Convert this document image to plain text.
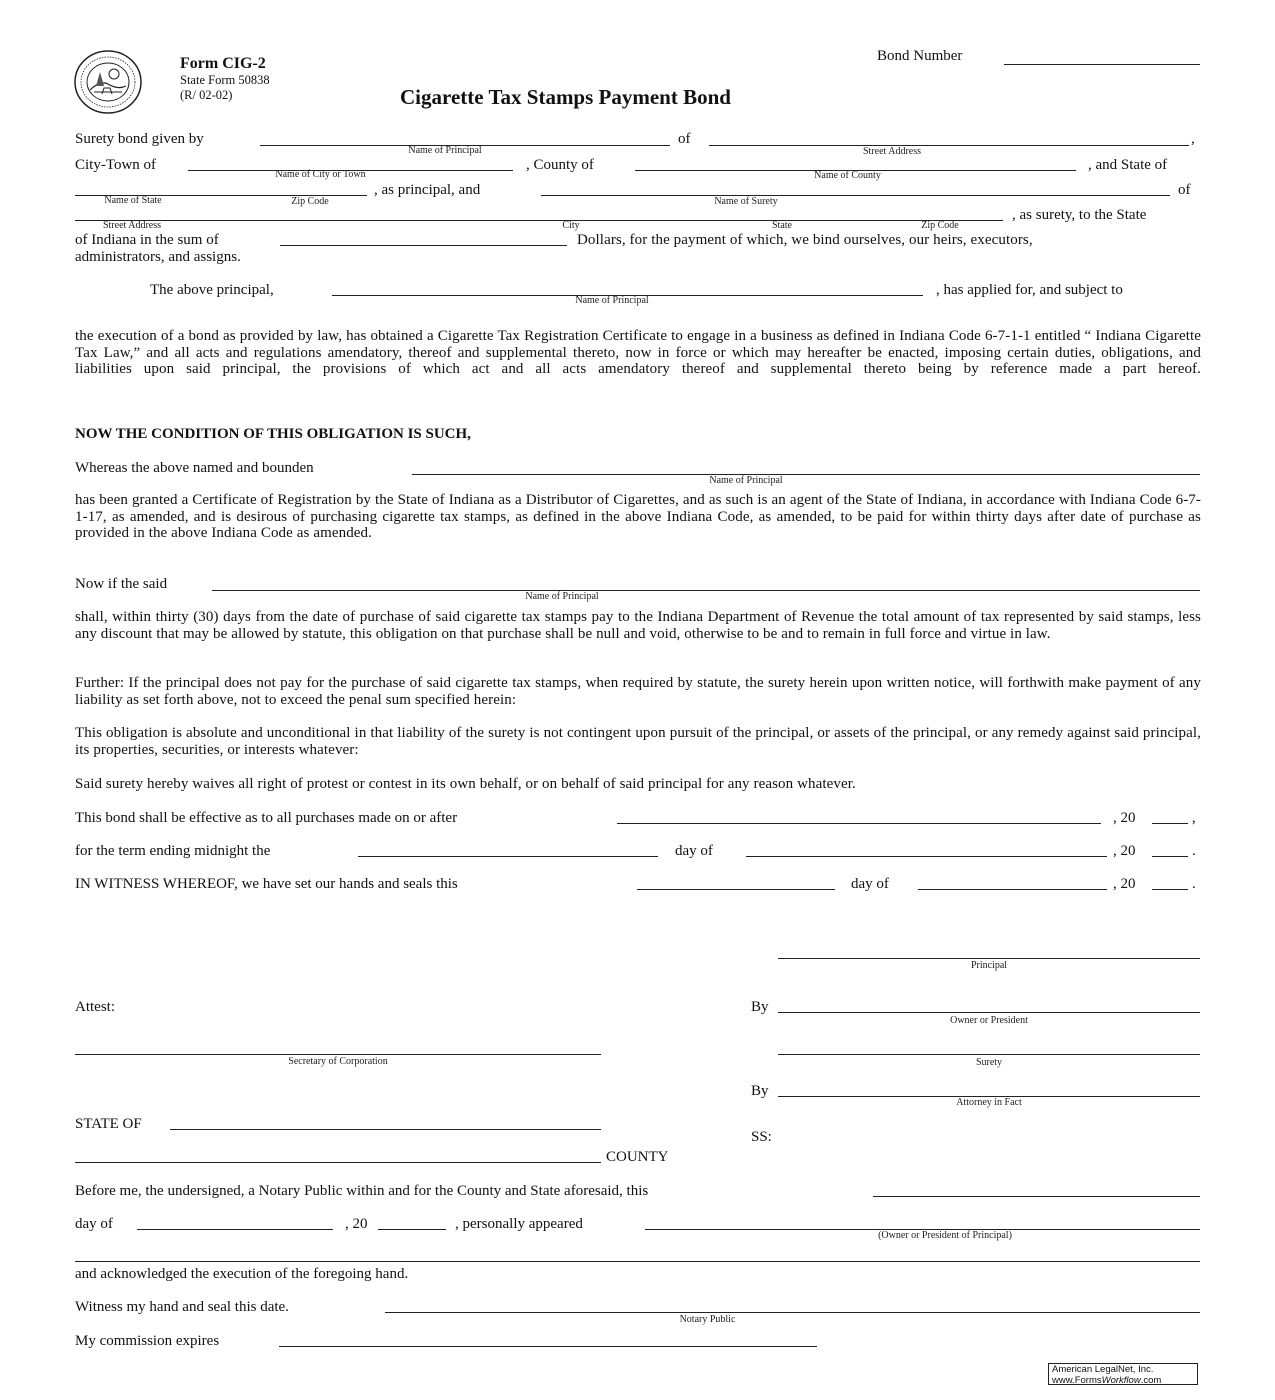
Form CIG-2
State Form 50838
(R/ 02-02)	Cigarette Tax Stamps Payment Bond
Bond Number
Surety bond given by
Name of Principal
of
Street Address
,
City-Town of
Name of City or Town
, County of
Name of County
, and State of
Name of State	Zip Code
, as principal, and
Name of Surety
of
Street Address	City	State	Zip Code
, as surety, to the State
of Indiana in the sum of	Dollars, for the payment of which, we bind ourselves, our heirs, executors,
administrators, and assigns.
The above principal,
Name of Principal
, has applied for, and subject to
the execution of a bond as provided by law, has obtained a Cigarette Tax Registration Certificate to engage in a business as defined in Indiana Code 6-7-1-1 entitled “ Indiana Cigarette Tax Law,” and all acts and regulations amendatory, thereof and supplemental thereto, now in force or which may hereafter be enacted, imposing certain duties, obligations, and liabilities upon said principal, the provisions of which act and all acts amendatory thereof and supplemental thereto being by reference made a part hereof.
NOW THE CONDITION OF THIS OBLIGATION IS SUCH,
Whereas the above named and bounden
Name of Principal
has been granted a Certificate of Registration by the State of Indiana as a Distributor of Cigarettes, and as such is an agent of the State of Indiana, in accordance with Indiana Code 6-7-1-17, as amended, and is desirous of purchasing cigarette tax stamps, as defined in the above Indiana Code, as amended, to be paid for within thirty days after date of purchase as provided in the above Indiana Code as amended.
Now if the said
Name of Principal
shall, within thirty (30) days from the date of purchase of said cigarette tax stamps pay to the Indiana Department of Revenue the total amount of tax represented by said stamps, less any discount that may be allowed by statute, this obligation on that purchase shall be null and void, otherwise to be and to remain in full force and virtue in law.
Further: If the principal does not pay for the purchase of said cigarette tax stamps, when required by statute, the surety herein upon written notice, will forthwith make payment of any liability as set forth above, not to exceed the penal sum specified herein:
This obligation is absolute and unconditional in that liability of the surety is not contingent upon pursuit of the principal, or assets of the principal, or any remedy against said principal, its properties, securities, or interests whatever:
Said surety hereby waives all right of protest or contest in its own behalf, or on behalf of said principal for any reason whatever.
This bond shall be effective as to all purchases made on or after	, 20	,
for the term ending midnight the	day of	, 20	.
IN WITNESS WHEREOF, we have set our hands and seals this	day of	, 20	.
Principal
Attest:	By
Owner or President
Secretary of Corporation	Surety
By
Attorney in Fact
STATE OF
SS:
COUNTY
Before me, the undersigned, a Notary Public within and for the County and State aforesaid, this
day of	, 20	, personally appeared
(Owner or President of Principal)
and acknowledged the execution of the foregoing hand.
Witness my hand and seal this date.
Notary Public
My commission expires
American LegalNet, Inc.
www.FormsWorkflow.com
